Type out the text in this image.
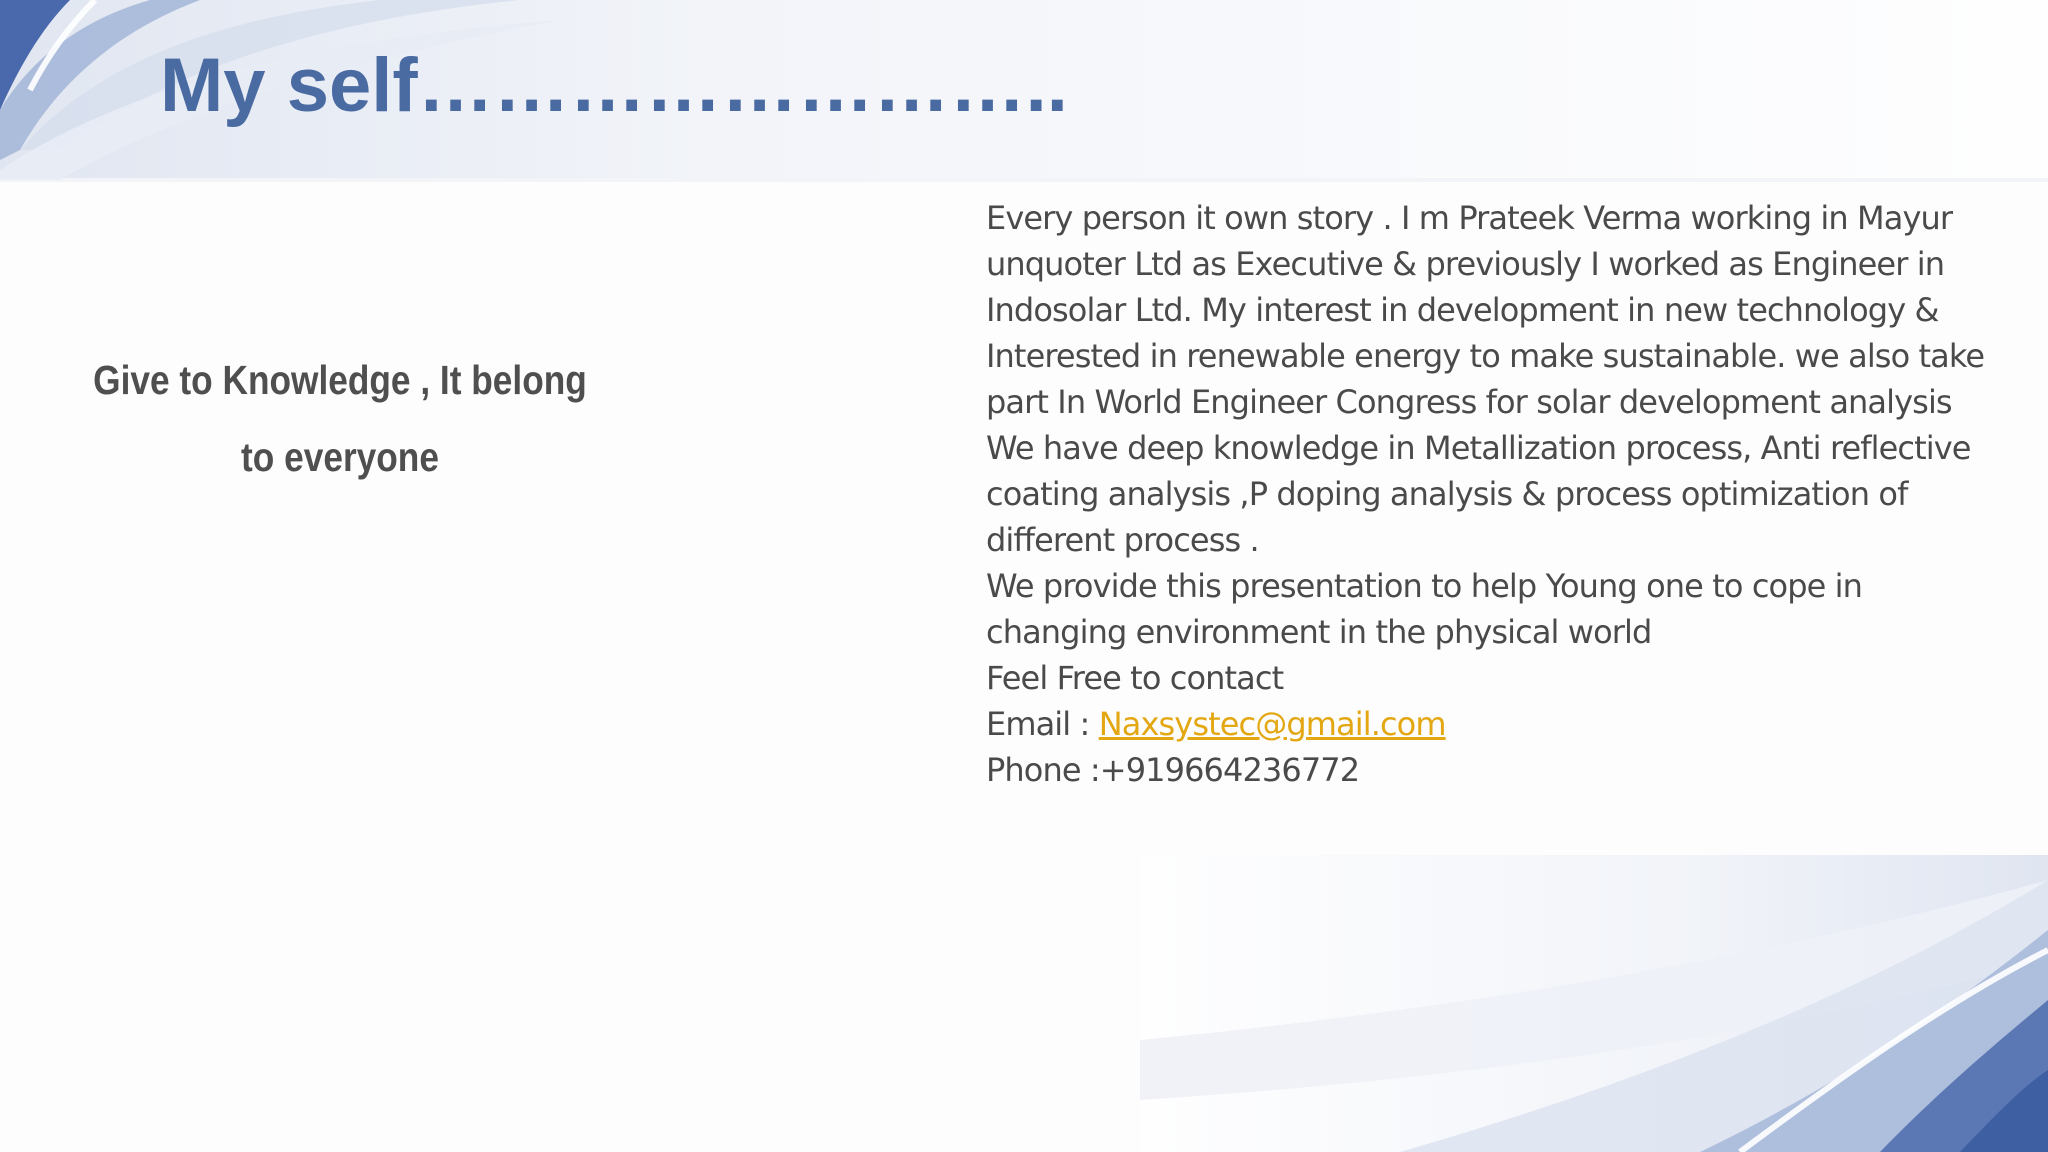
My self……………………..

Give to Knowledge , It belong to everyone

Every person it own story . I m Prateek Verma working in Mayur unquoter Ltd as Executive & previously I worked as Engineer in Indosolar Ltd. My interest in development in new technology & Interested in renewable energy to make sustainable. we also take part In World Engineer Congress for solar development analysis We have deep knowledge in Metallization process, Anti reflective coating analysis ,P doping analysis & process optimization of different process .

We provide this presentation to help Young one to cope in changing environment in the physical world

Feel Free to contact

Email : Naxsystec@gmail.com

Phone :+919664236772
